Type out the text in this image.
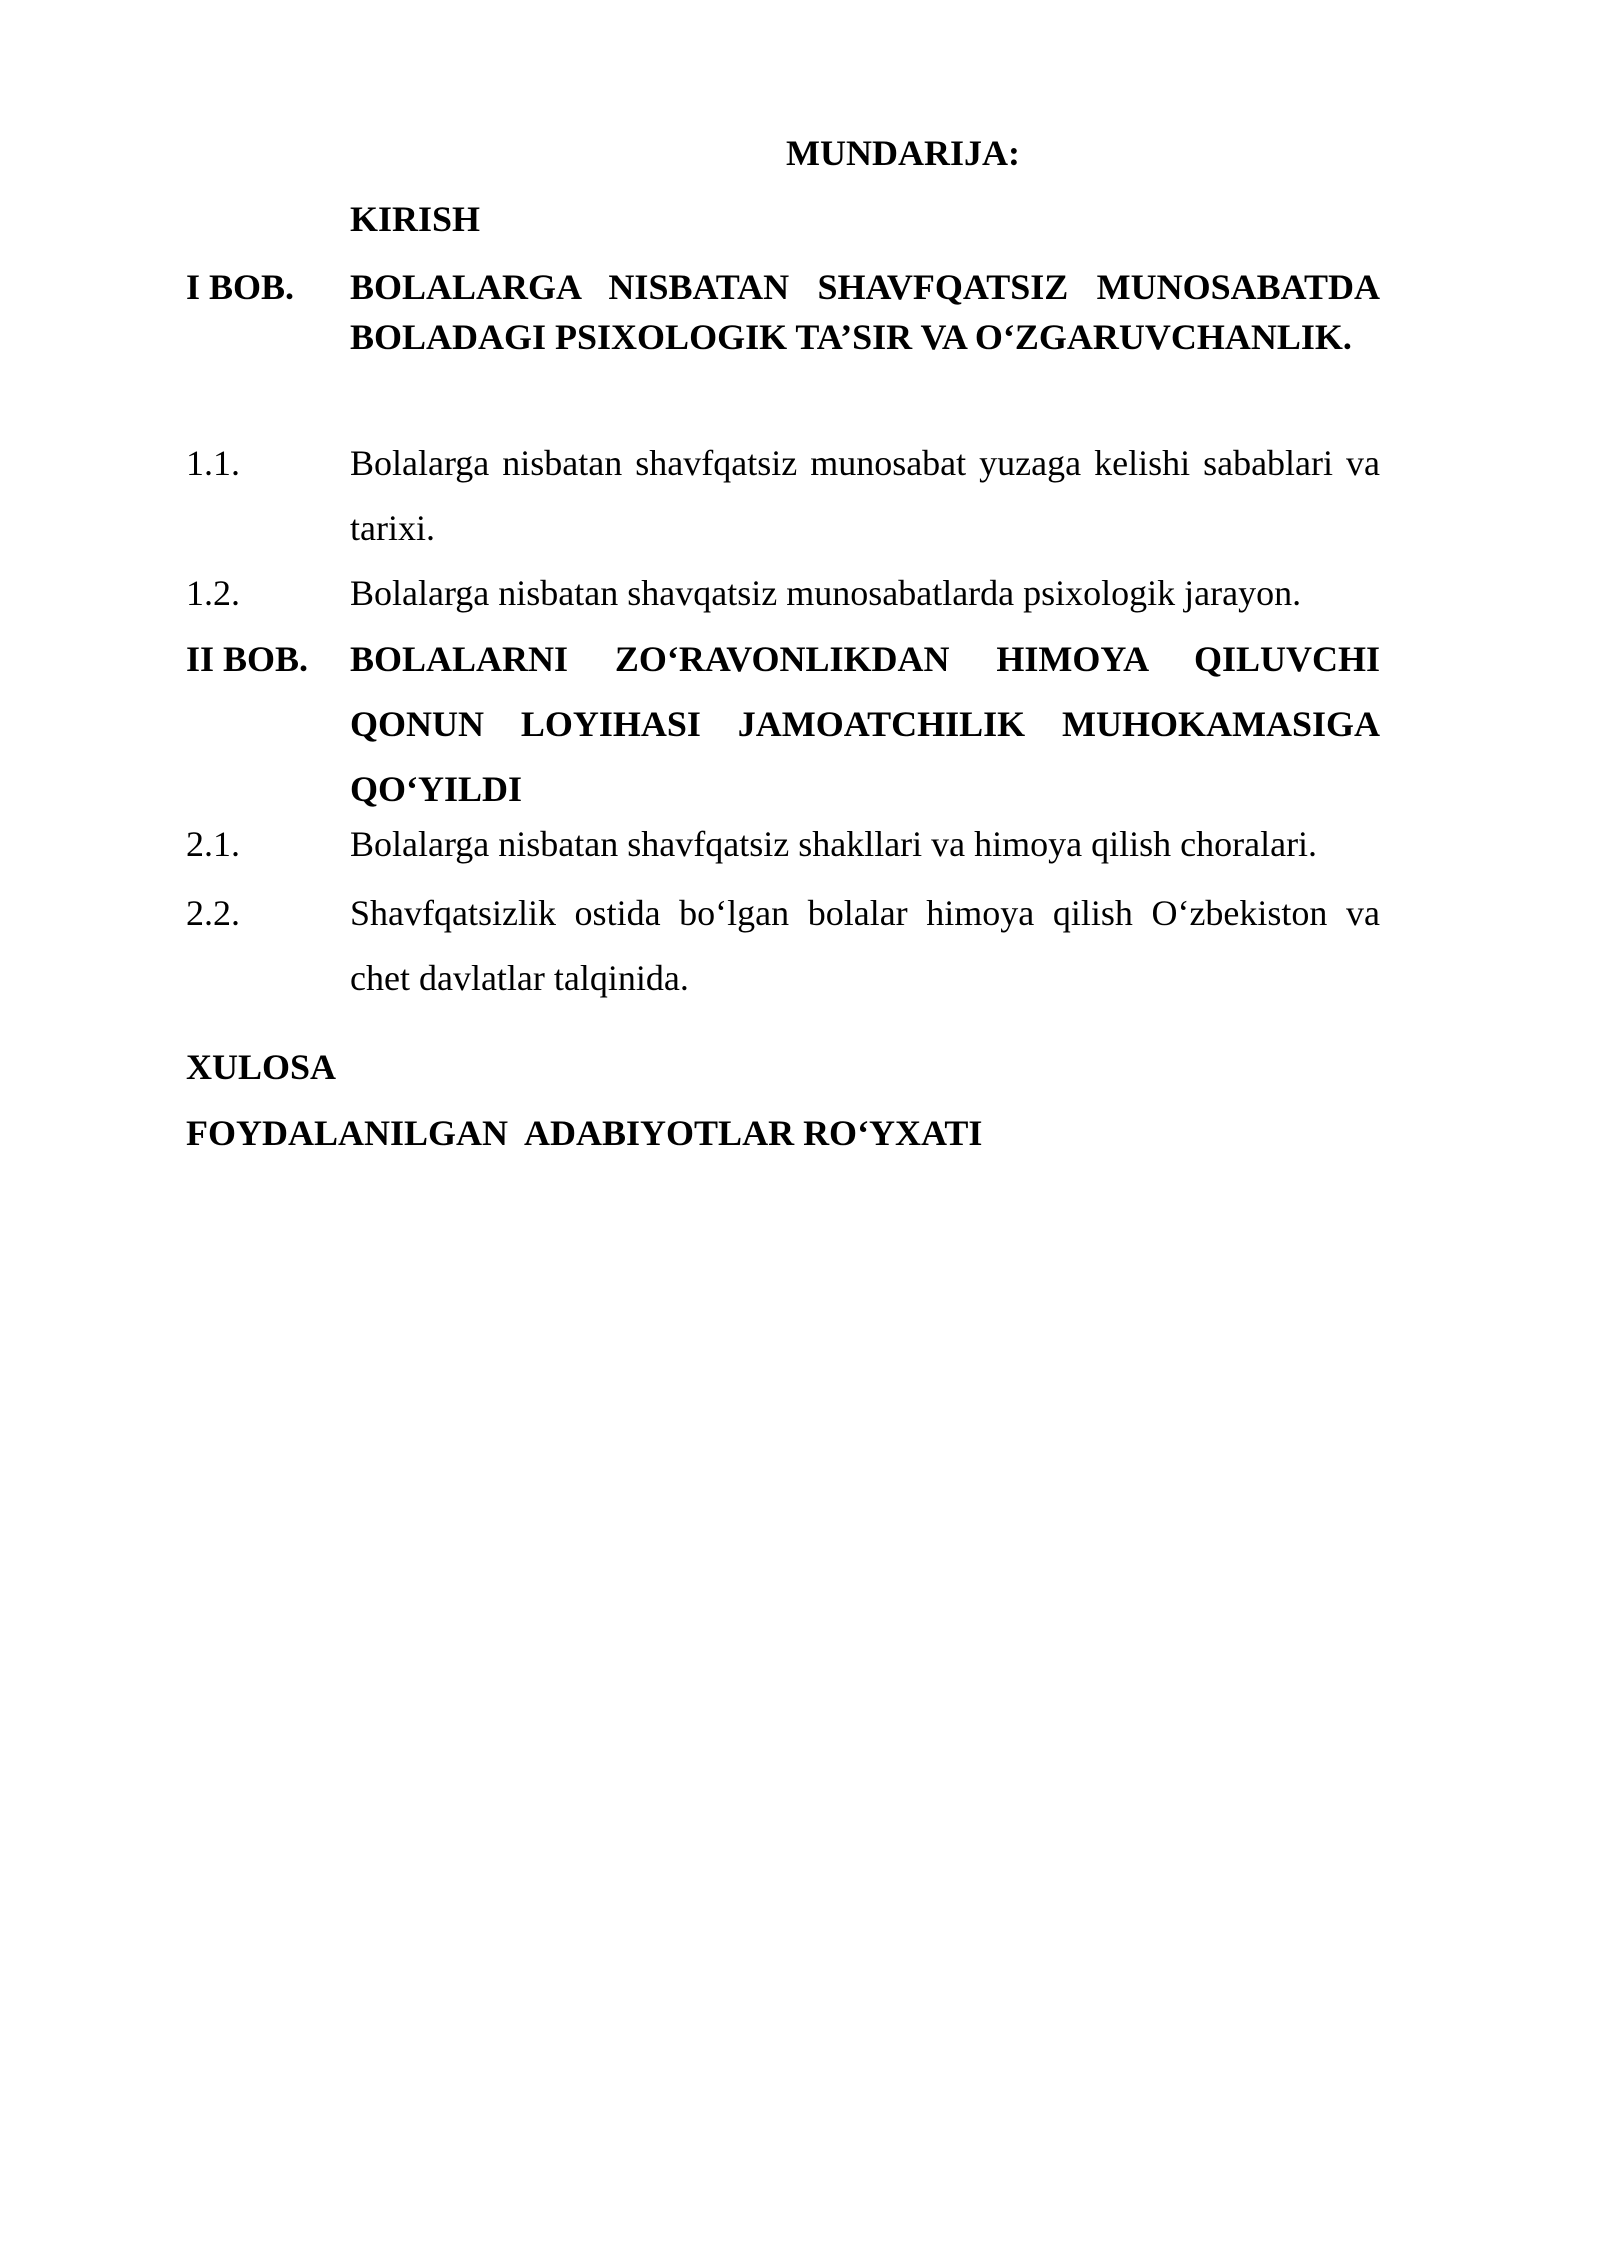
MUNDARIJA:
KIRISH
I BOB. BOLALARGA NISBATAN SHAVFQATSIZ MUNOSABATDA BOLADAGI PSIXOLOGIK TA’SIR VA O‘ZGARUVCHANLIK.
1.1.	Bolalarga nisbatan shavfqatsiz munosabat yuzaga kelishi sabablari va tarixi.
1.2.	Bolalarga nisbatan shavqatsiz munosabatlarda psixologik jarayon.
II BOB. BOLALARNI ZO‘RAVONLIKDAN HIMOYA QILUVCHI QONUN LOYIHASI JAMOATCHILIK MUHOKAMASIGA QO‘YILDI
2.1.	Bolalarga nisbatan shavfqatsiz shakllari va himoya qilish choralari.
2.2.	Shavfqatsizlik ostida bo‘lgan bolalar himoya qilish O‘zbekiston va chet davlatlar talqinida.
XULOSA
FOYDALANILGAN  ADABIYOTLAR RO‘YXATI
